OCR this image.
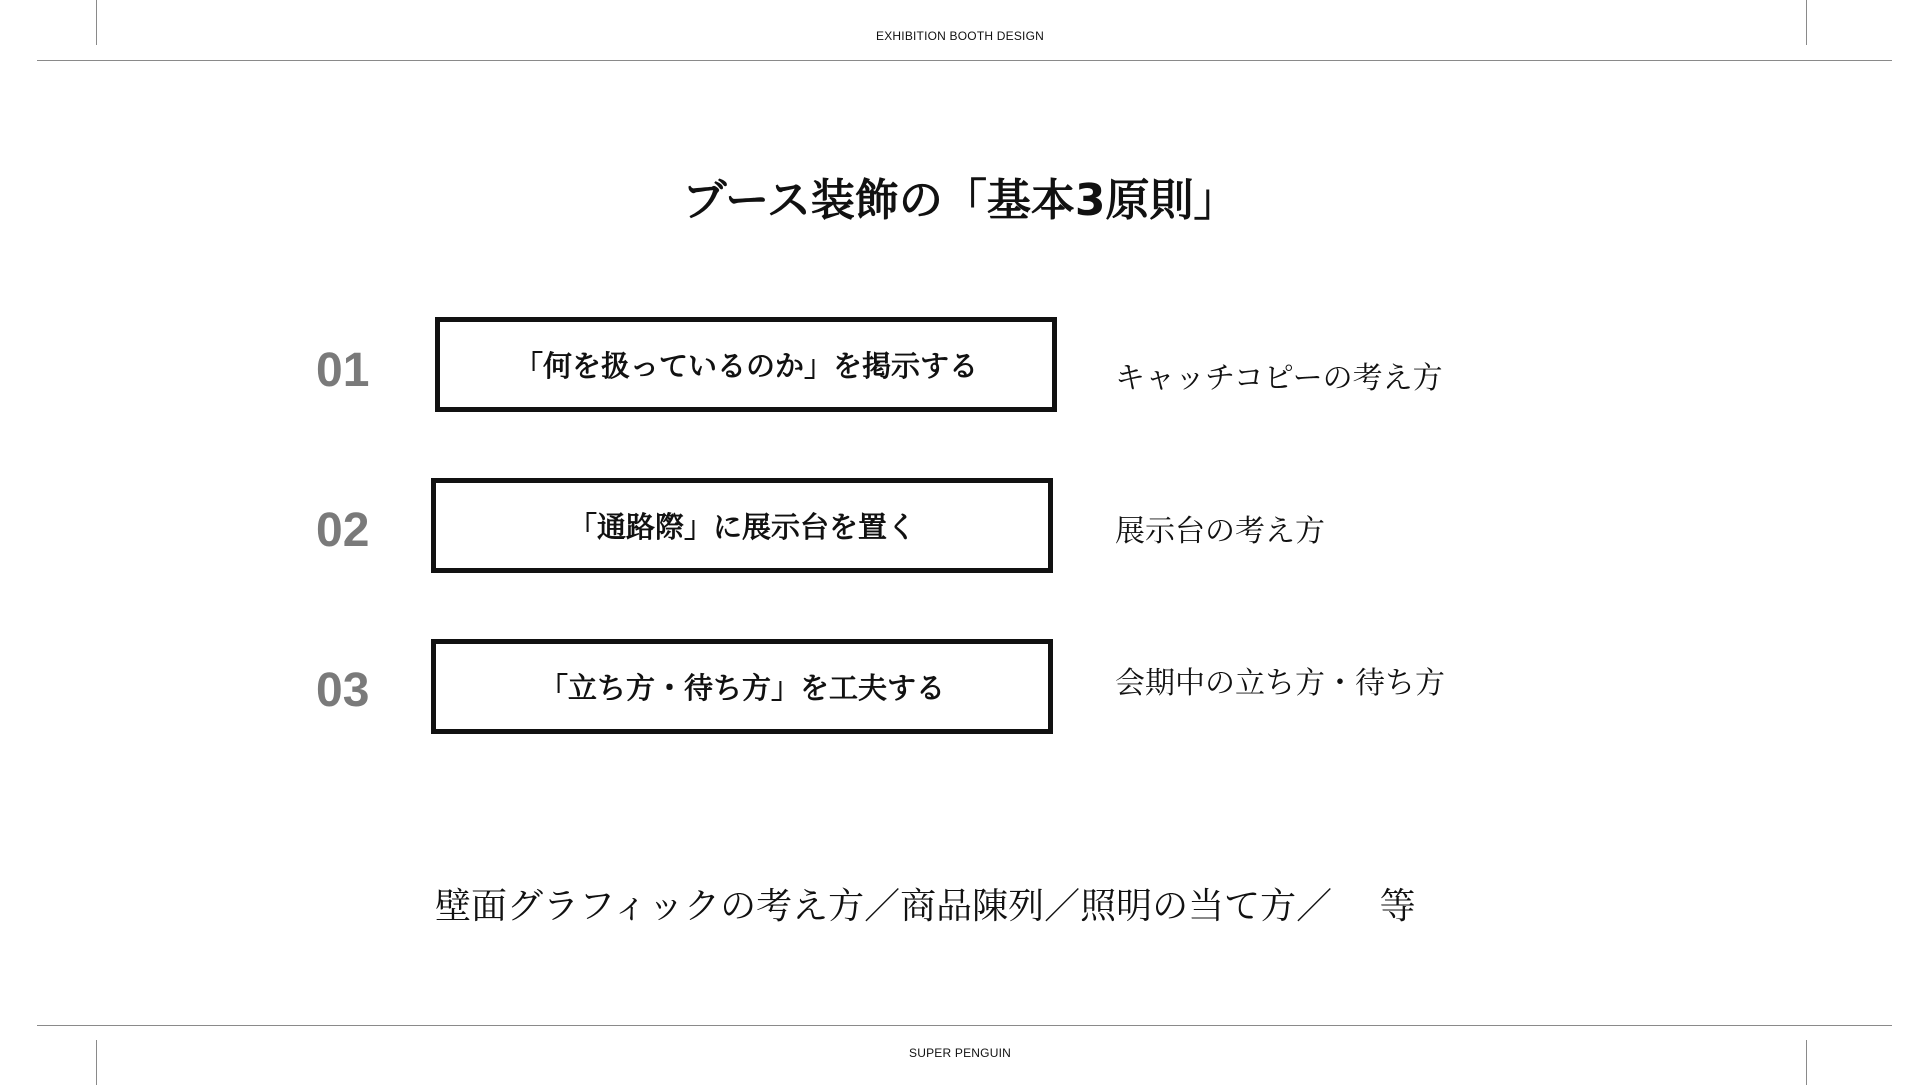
EXHIBITION BOOTH DESIGN
ブース装飾の「基本3原則」
01	「何を扱っているのか」を掲示する	キャッチコピーの考え方
02	「通路際」に展示台を置く	展示台の考え方
03	「立ち方・待ち方」を工夫する	会期中の立ち方・待ち方
壁面グラフィックの考え方／商品陳列／照明の当て方／　 等
SUPER PENGUIN
